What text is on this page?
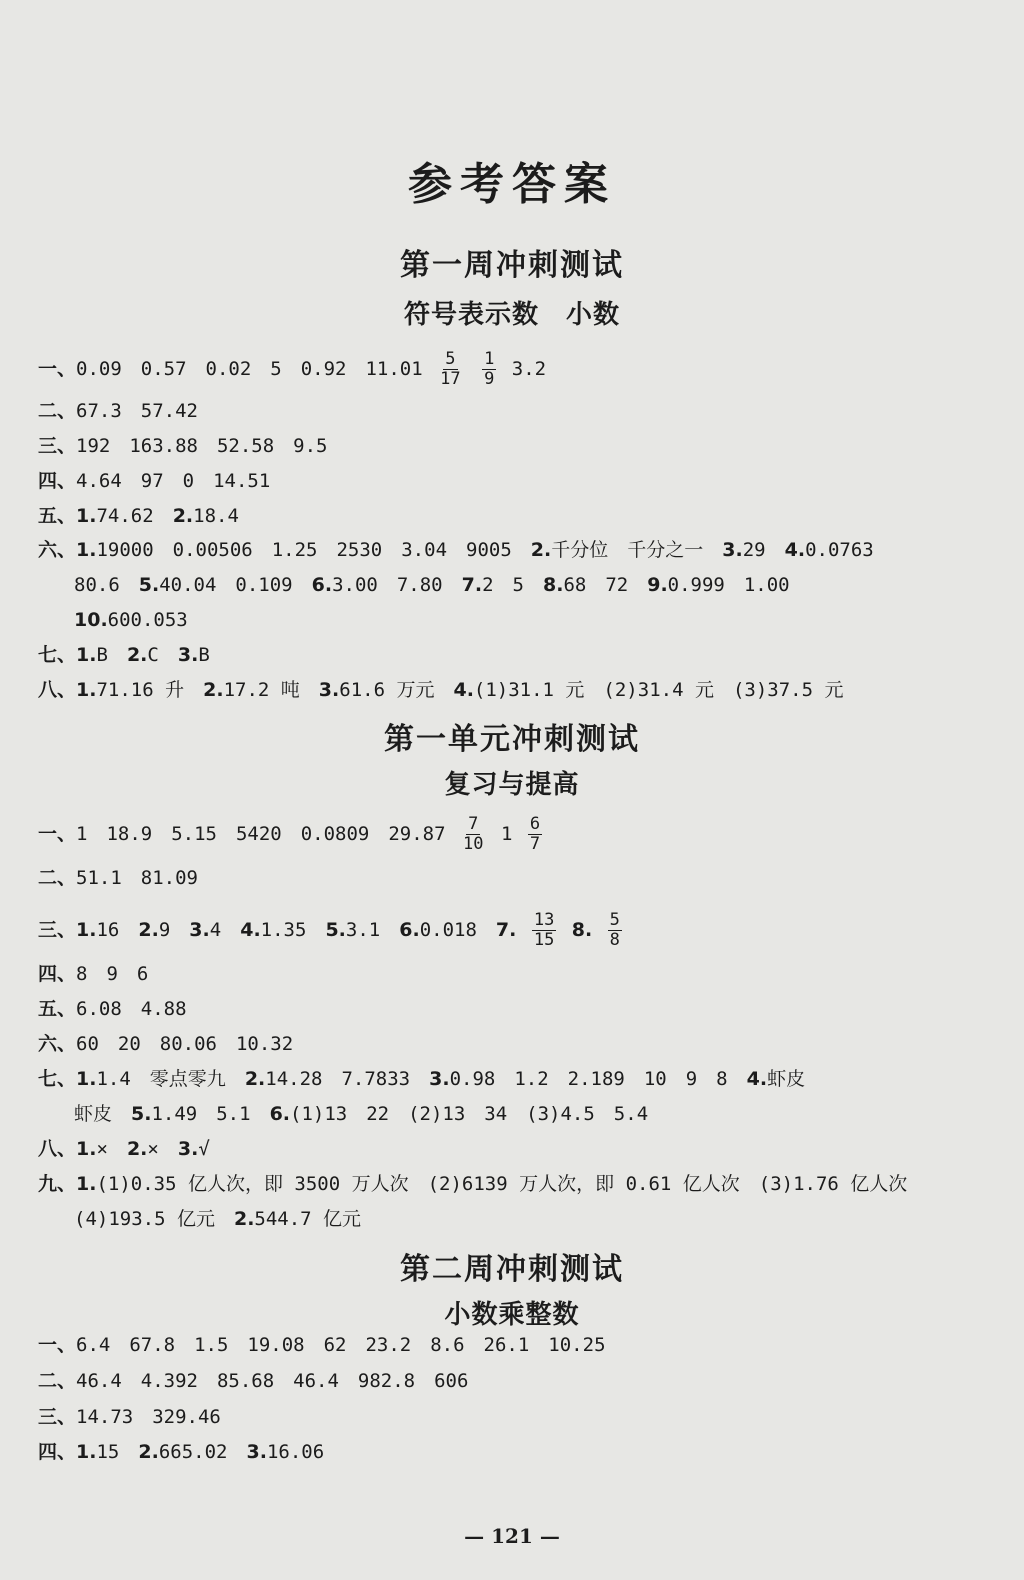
参考答案
第一周冲刺测试
符号表示数　小数
一、0.09　0.57　0.02　5　0.92　$11.01 \frac{5}{17}$
$\frac{1}{9} 3.2$
二、67.3　57.42
三、192　163.88　52.58　9.5
四、4.64　97　0　14.51
五、1.74.62　 2.18.4
六、1.19000　0.00506　1.25　2530　3.04　9005　 2.千分位　千分之一　 3.29　 4.0.0763
80.6　 5.40.04　0.109　 6.3.00　7.80　 7.2　5　 8.68　72　 9.0.999　1.00
10.600.053
七、1.B　 2.C　 3.B
八、1.71.16 升　 2.17.2 吨　 3.61.6 万元　 4.(1)31.1 元　(2)31.4 元　(3)37.5 元
第一单元冲刺测试
复习与提高
一、1　18.9　5.15　5420　0.0809　$29.87 \frac{7}{10} 1 \frac{6}{7}$
二、51.1　81.09
三、1.16　 2.9　 3.4　 4.1.35　 5.3.1　 6.0.018　 7. $\frac{13}{15} 8$. $\frac{5}{8}$
四、8　9　6
五、6.08　4.88
六、60　20　80.06　10.32
七、1.1.4　零点零九　 2.14.28　7.7833　 3.0.98　1.2　2.189　10　9　8　 4.虾皮
虾皮　 5.1.49　5.1　 6.(1)13　22　(2)13　34　(3)4.5　5.4
八、1.×　 2.×　 3.√
九、1.(1)0.35 亿人次，即 3500 万人次　(2)6139 万人次，即 0.61 亿人次　(3)1.76 亿人次
(4)193.5 亿元　 2.544.7 亿元
第二周冲刺测试
小数乘整数
一、6.4　67.8　1.5　19.08　62　23.2　8.6　26.1　10.25
二、46.4　4.392　85.68　46.4　982.8　606
三、14.73　329.46
四、1.15　 2.665.02　 3.16.06
— 121 —
